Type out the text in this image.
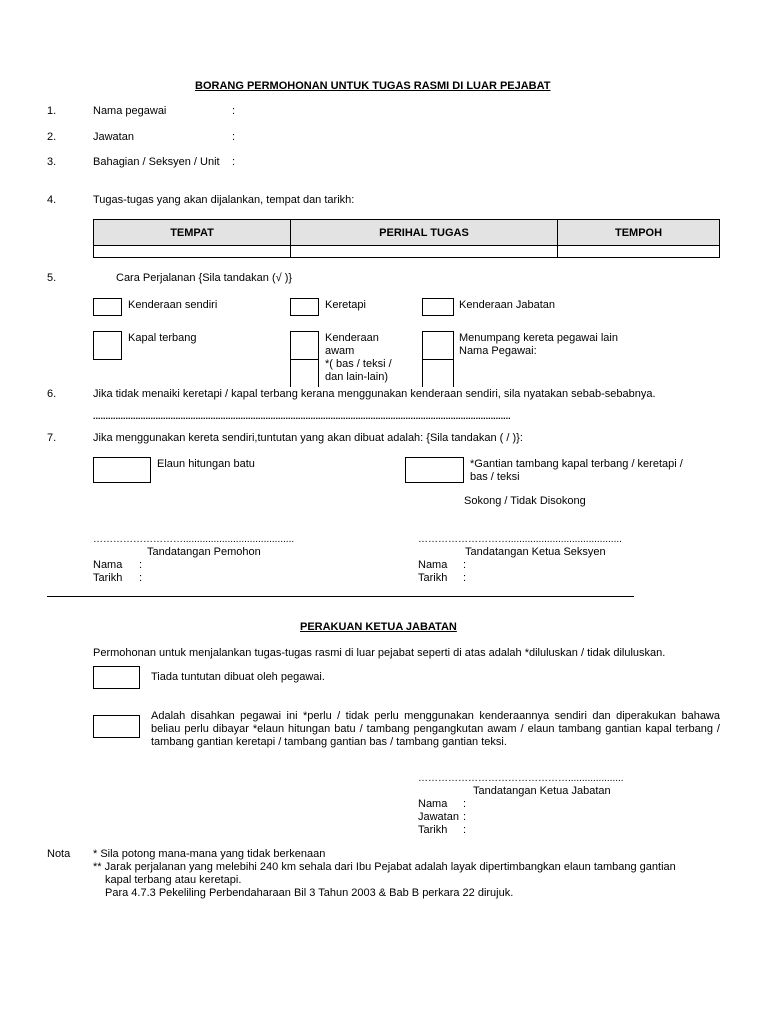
BORANG PERMOHONAN UNTUK TUGAS RASMI DI LUAR PEJABAT
1.	Nama pegawai	:
2.	Jawatan	:
3.	Bahagian / Seksyen / Unit :
4.	Tugas-tugas yang akan dijalankan, tempat dan tarikh:
TEMPAT	PERIHAL TUGAS	TEMPOH

5.	Cara Perjalanan {Sila tandakan (√ )}
Kenderaan sendiri	Keretapi	Kenderaan Jabatan
Kapal terbang	Kenderaan
awam
*( bas / teksi /
dan lain-lain)
Menumpang kereta pegawai lain
Nama Pegawai:
6.	Jika tidak menaiki keretapi / kapal terbang kerana menggunakan kenderaan sendiri, sila nyatakan sebab-sebabnya.
.......................................................................................................................................................................
7.	Jika menggunakan kereta sendiri,tuntutan yang akan dibuat adalah: {Sila tandakan ( / )}:
Elaun hitungan batu	*Gantian tambang kapal terbang / keretapi /
bas / teksi
Sokong / Tidak Disokong
………………………........................................
Tandatangan Pemohon
Nama :
Tarikh :
……………………….........................................
Tandatangan Ketua Seksyen
Nama :
Tarikh :
PERAKUAN KETUA JABATAN
Permohonan untuk menjalankan tugas-tugas rasmi di luar pejabat seperti di atas adalah *diluluskan / tidak diluluskan.
Tiada tuntutan dibuat oleh pegawai.
Adalah disahkan pegawai ini *perlu / tidak perlu menggunakan kenderaannya sendiri dan diperakukan bahawa beliau perlu dibayar *elaun hitungan batu / tambang pengangkutan awam / elaun tambang gantian kapal terbang / tambang gantian keretapi / tambang gantian bas / tambang gantian teksi.
………………………………………....................
Tandatangan Ketua Jabatan
Nama :
Jawatan :
Tarikh :
Nota * Sila potong mana-mana yang tidak berkenaan
** Jarak perjalanan yang melebihi 240 km sehala dari Ibu Pejabat adalah layak dipertimbangkan elaun tambang gantian
kapal terbang atau keretapi.
Para 4.7.3 Pekeliling Perbendaharaan Bil 3 Tahun 2003 & Bab B perkara 22 dirujuk.
